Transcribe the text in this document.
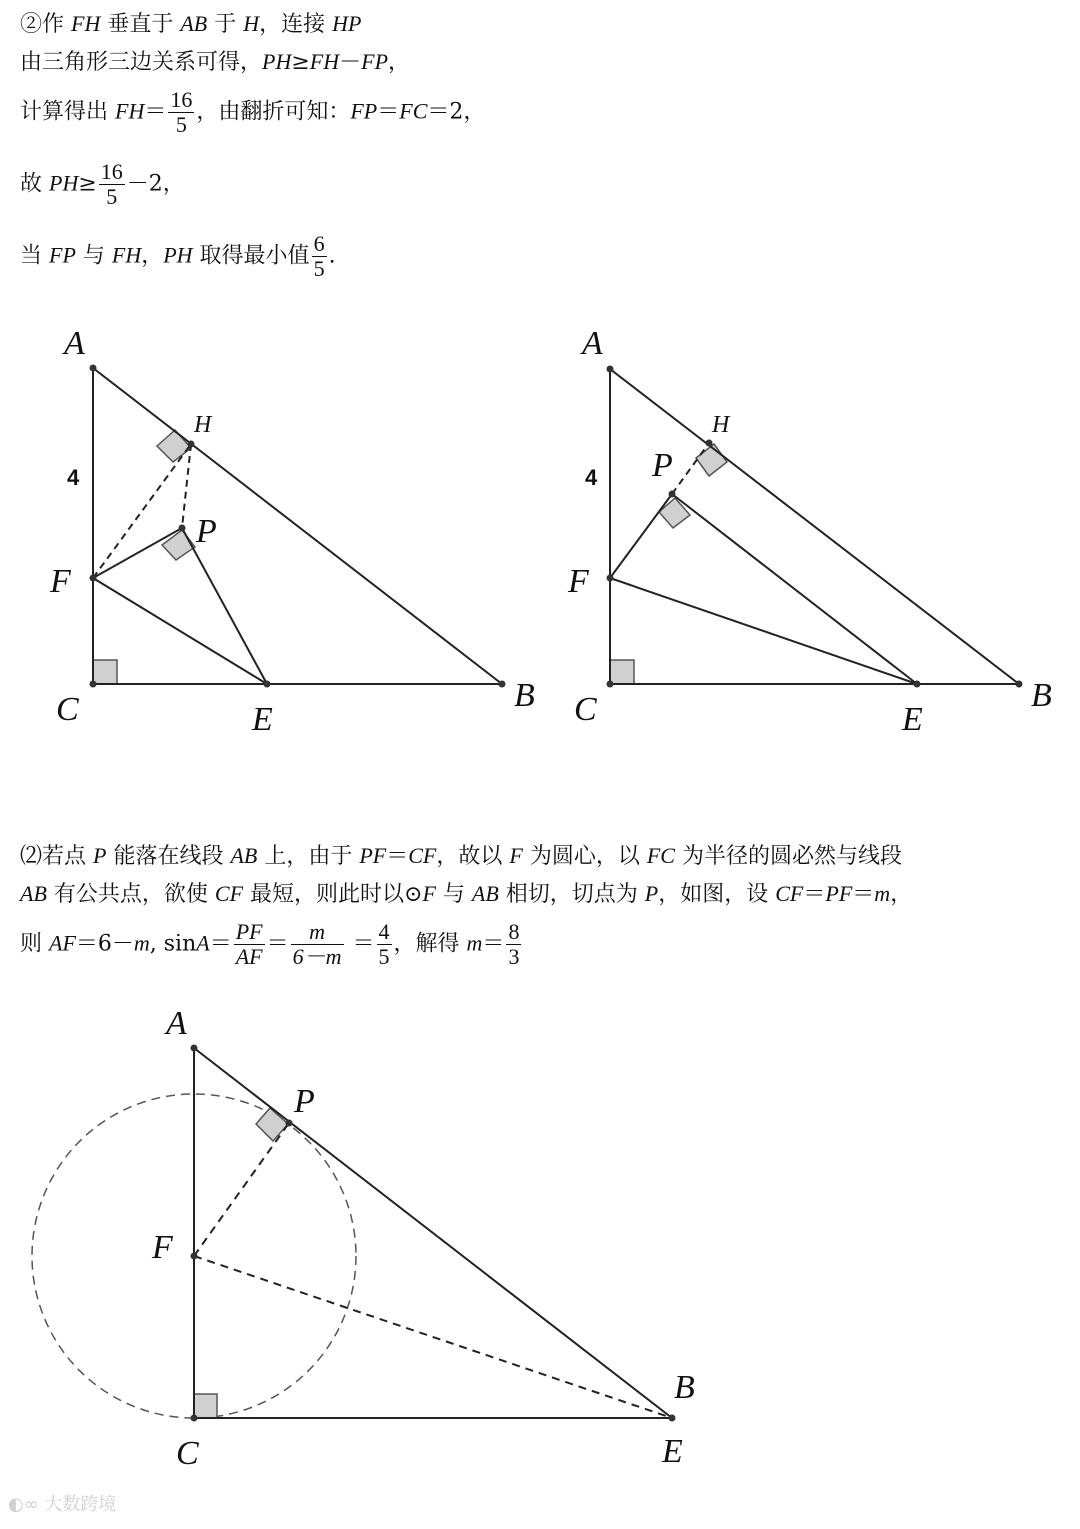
②作 FH 垂直于 AB 于 H，连接 HP
由三角形三边关系可得，PH≥FH－FP，
计算得出 $FH= \frac{16}{5}$ ，由翻折可知：FP＝FC＝2，
故 $PH\ge \frac{16}{5} -2$，
当 FP 与 FH，PH 取得最小值 $\frac{6}{5}$ .
A
H
4
P
F
C	E
B
A
H
4 P
F
C	E
B
⑵若点 P 能落在线段 AB 上，由于 PF＝CF，故以 F 为圆心，以 FC 为半径的圆必然与线段
AB 有公共点，欲使 CF 最短，则此时以⊙F 与 AB 相切，切点为 P，如图，设 CF＝PF＝m，
则 AF＝6－m, $\sin A= \frac{PF}{AF} = \frac{m}{6-m} = \frac{4}{5}$ ，解得 $m= \frac{8}{3}$
A
P
F
C
B
E
◐∞ 大数跨境
